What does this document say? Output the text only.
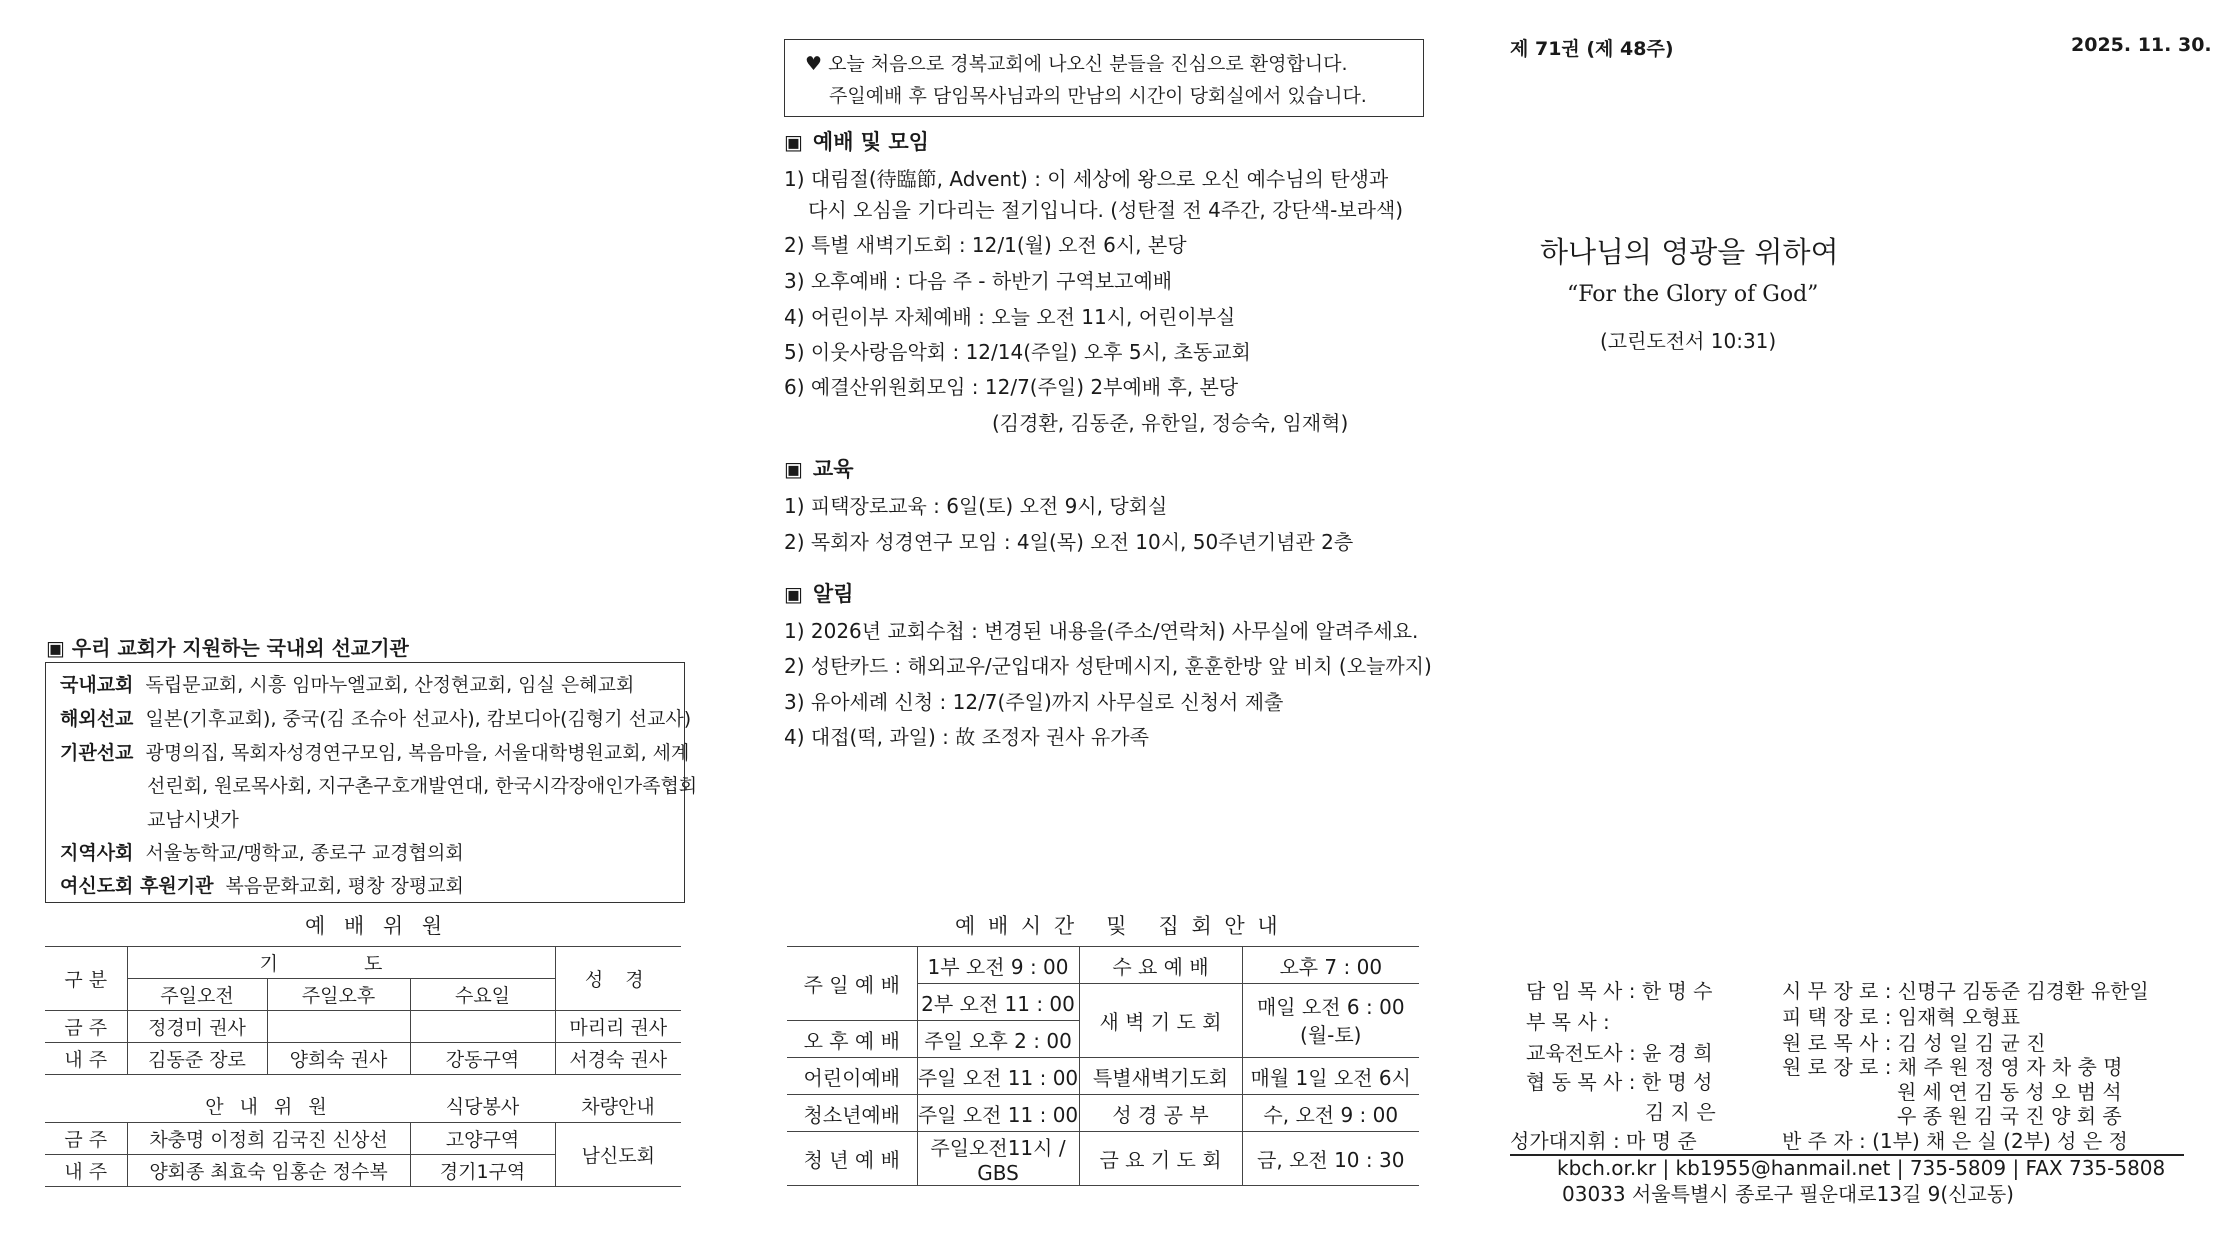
♥ 오늘 처음으로 경복교회에 나오신 분들을 진심으로 환영합니다.
주일예배 후 담임목사님과의 만남의 시간이 당회실에서 있습니다.
▣ 예배 및 모임
1) 대림절(待臨節, Advent) : 이 세상에 왕으로 오신 예수님의 탄생과
다시 오심을 기다리는 절기입니다. (성탄절 전 4주간, 강단색-보라색)
2) 특별 새벽기도회 : 12/1(월) 오전 6시, 본당
3) 오후예배 : 다음 주 - 하반기 구역보고예배
4) 어린이부 자체예배 : 오늘 오전 11시, 어린이부실
5) 이웃사랑음악회 : 12/14(주일) 오후 5시, 초동교회
6) 예결산위원회모임 : 12/7(주일) 2부예배 후, 본당
(김경환, 김동준, 유한일, 정승숙, 임재혁)
▣ 교육
1) 피택장로교육 : 6일(토) 오전 9시, 당회실
2) 목회자 성경연구 모임 : 4일(목) 오전 10시, 50주년기념관 2층
▣ 알림
1) 2026년 교회수첩 : 변경된 내용을(주소/연락처) 사무실에 알려주세요.
2) 성탄카드 : 해외교우/군입대자 성탄메시지, 훈훈한방 앞 비치 (오늘까지)
3) 유아세례 신청 : 12/7(주일)까지 사무실로 신청서 제출
4) 대접(떡, 과일) : 故 조정자 권사 유가족
▣ 우리 교회가 지원하는 국내외 선교기관
국내교회 독립문교회, 시흥 임마누엘교회, 산정현교회, 임실 은혜교회
해외선교 일본(기후교회), 중국(김 조슈아 선교사), 캄보디아(김형기 선교사)
기관선교 광명의집, 목회자성경연구모임, 복음마을, 서울대학병원교회, 세계
선린회, 원로목사회, 지구촌구호개발연대, 한국시각장애인가족협회
교남시냇가
지역사회 서울농학교/맹학교, 종로구 교경협의회
여신도회 후원기관 복음문화교회, 평창 장평교회
예 배 위 원
구 분	기 도			성 경
	주일오전	주일오후	수요일	
금 주	정경미 권사			마리리 권사
내 주	김동준 장로	양희숙 권사	강동구역	서경숙 권사
	안 내 위 원	식당봉사	차량안내
금 주	차충명 이정희 김국진 신상선	고양구역	남신도회
내 주	양회종 최효숙 임홍순 정수복	경기1구역	
예 배 시 간   및   집 회 안 내
주 일 예 배	1부 오전 9 : 00	수 요 예 배	오후 7 : 00
	2부 오전 11 : 00	새 벽 기 도 회	매일 오전 6 : 00
(월-토)

오 후 예 배	주일 오후 2 : 00		
어린이예배	주일 오전 11 : 00	특별새벽기도회	매월 1일 오전 6시
청소년예배	주일 오전 11 : 00	성 경 공 부	수, 오전 9 : 00
청 년 예 배	주일오전11시 / GBS	금 요 기 도 회	금, 오전 10 : 30
제 71권 (제 48주)	2025. 11. 30.
하나님의 영광을 위하여
“For the Glory of God”
(고린도전서 10:31)
담 임 목 사 : 한 명 수
부 목 사 :
교육전도사 : 윤 경 희
협 동 목 사 : 한 명 성
김 지 은
성가대지휘 : 마 명 준
시 무 장 로 : 신명구 김동준 김경환 유한일
피 택 장 로 : 임재혁 오형표
원 로 목 사 : 김 성 일 김 균 진
원 로 장 로 : 채 주 원 정 영 자 차 충 명
원 세 연 김 동 성 오 범 석
우 종 원 김 국 진 양 회 종
반 주 자 : (1부) 채 은 실 (2부) 성 은 정
kbch.or.kr | kb1955@hanmail.net | 735-5809 | FAX 735-5808
03033 서울특별시 종로구 필운대로13길 9(신교동)
